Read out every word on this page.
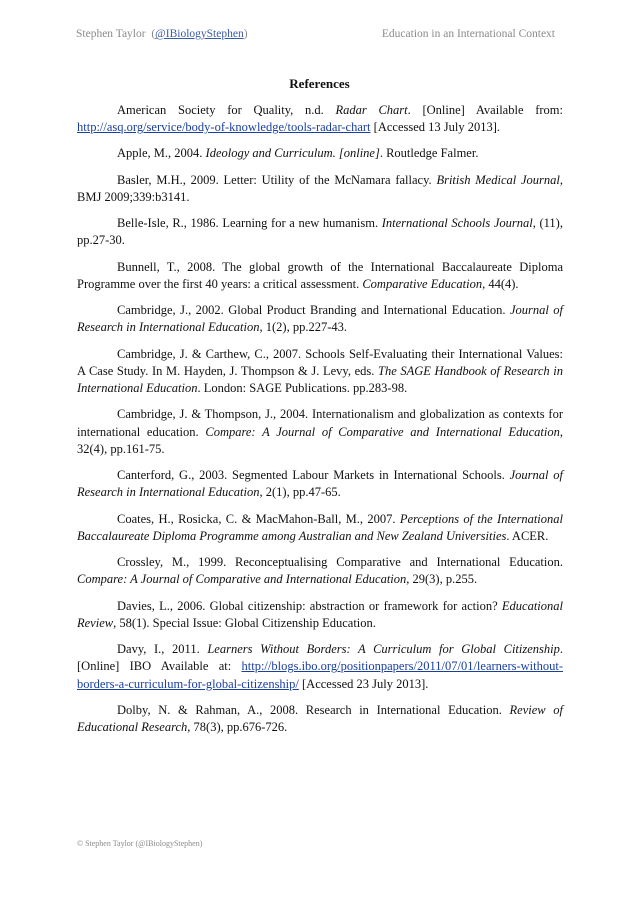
Stephen Taylor (@IBiologyStephen)	Education in an International Context
References
American Society for Quality, n.d. Radar Chart. [Online] Available from: http://asq.org/service/body-of-knowledge/tools-radar-chart [Accessed 13 July 2013].
Apple, M., 2004. Ideology and Curriculum. [online]. Routledge Falmer.
Basler, M.H., 2009. Letter: Utility of the McNamara fallacy. British Medical Journal, BMJ 2009;339:b3141.
Belle-Isle, R., 1986. Learning for a new humanism. International Schools Journal, (11), pp.27-30.
Bunnell, T., 2008. The global growth of the International Baccalaureate Diploma Programme over the first 40 years: a critical assessment. Comparative Education, 44(4).
Cambridge, J., 2002. Global Product Branding and International Education. Journal of Research in International Education, 1(2), pp.227-43.
Cambridge, J. & Carthew, C., 2007. Schools Self-Evaluating their International Values: A Case Study. In M. Hayden, J. Thompson & J. Levy, eds. The SAGE Handbook of Research in International Education. London: SAGE Publications. pp.283-98.
Cambridge, J. & Thompson, J., 2004. Internationalism and globalization as contexts for international education. Compare: A Journal of Comparative and International Education, 32(4), pp.161-75.
Canterford, G., 2003. Segmented Labour Markets in International Schools. Journal of Research in International Education, 2(1), pp.47-65.
Coates, H., Rosicka, C. & MacMahon-Ball, M., 2007. Perceptions of the International Baccalaureate Diploma Programme among Australian and New Zealand Universities. ACER.
Crossley, M., 1999. Reconceptualising Comparative and International Education. Compare: A Journal of Comparative and International Education, 29(3), p.255.
Davies, L., 2006. Global citizenship: abstraction or framework for action? Educational Review, 58(1). Special Issue: Global Citizenship Education.
Davy, I., 2011. Learners Without Borders: A Curriculum for Global Citizenship. [Online] IBO Available at: http://blogs.ibo.org/positionpapers/2011/07/01/learners-without-borders-a-curriculum-for-global-citizenship/ [Accessed 23 July 2013].
Dolby, N. & Rahman, A., 2008. Research in International Education. Review of Educational Research, 78(3), pp.676-726.
© Stephen Taylor (@IBiologyStephen)
